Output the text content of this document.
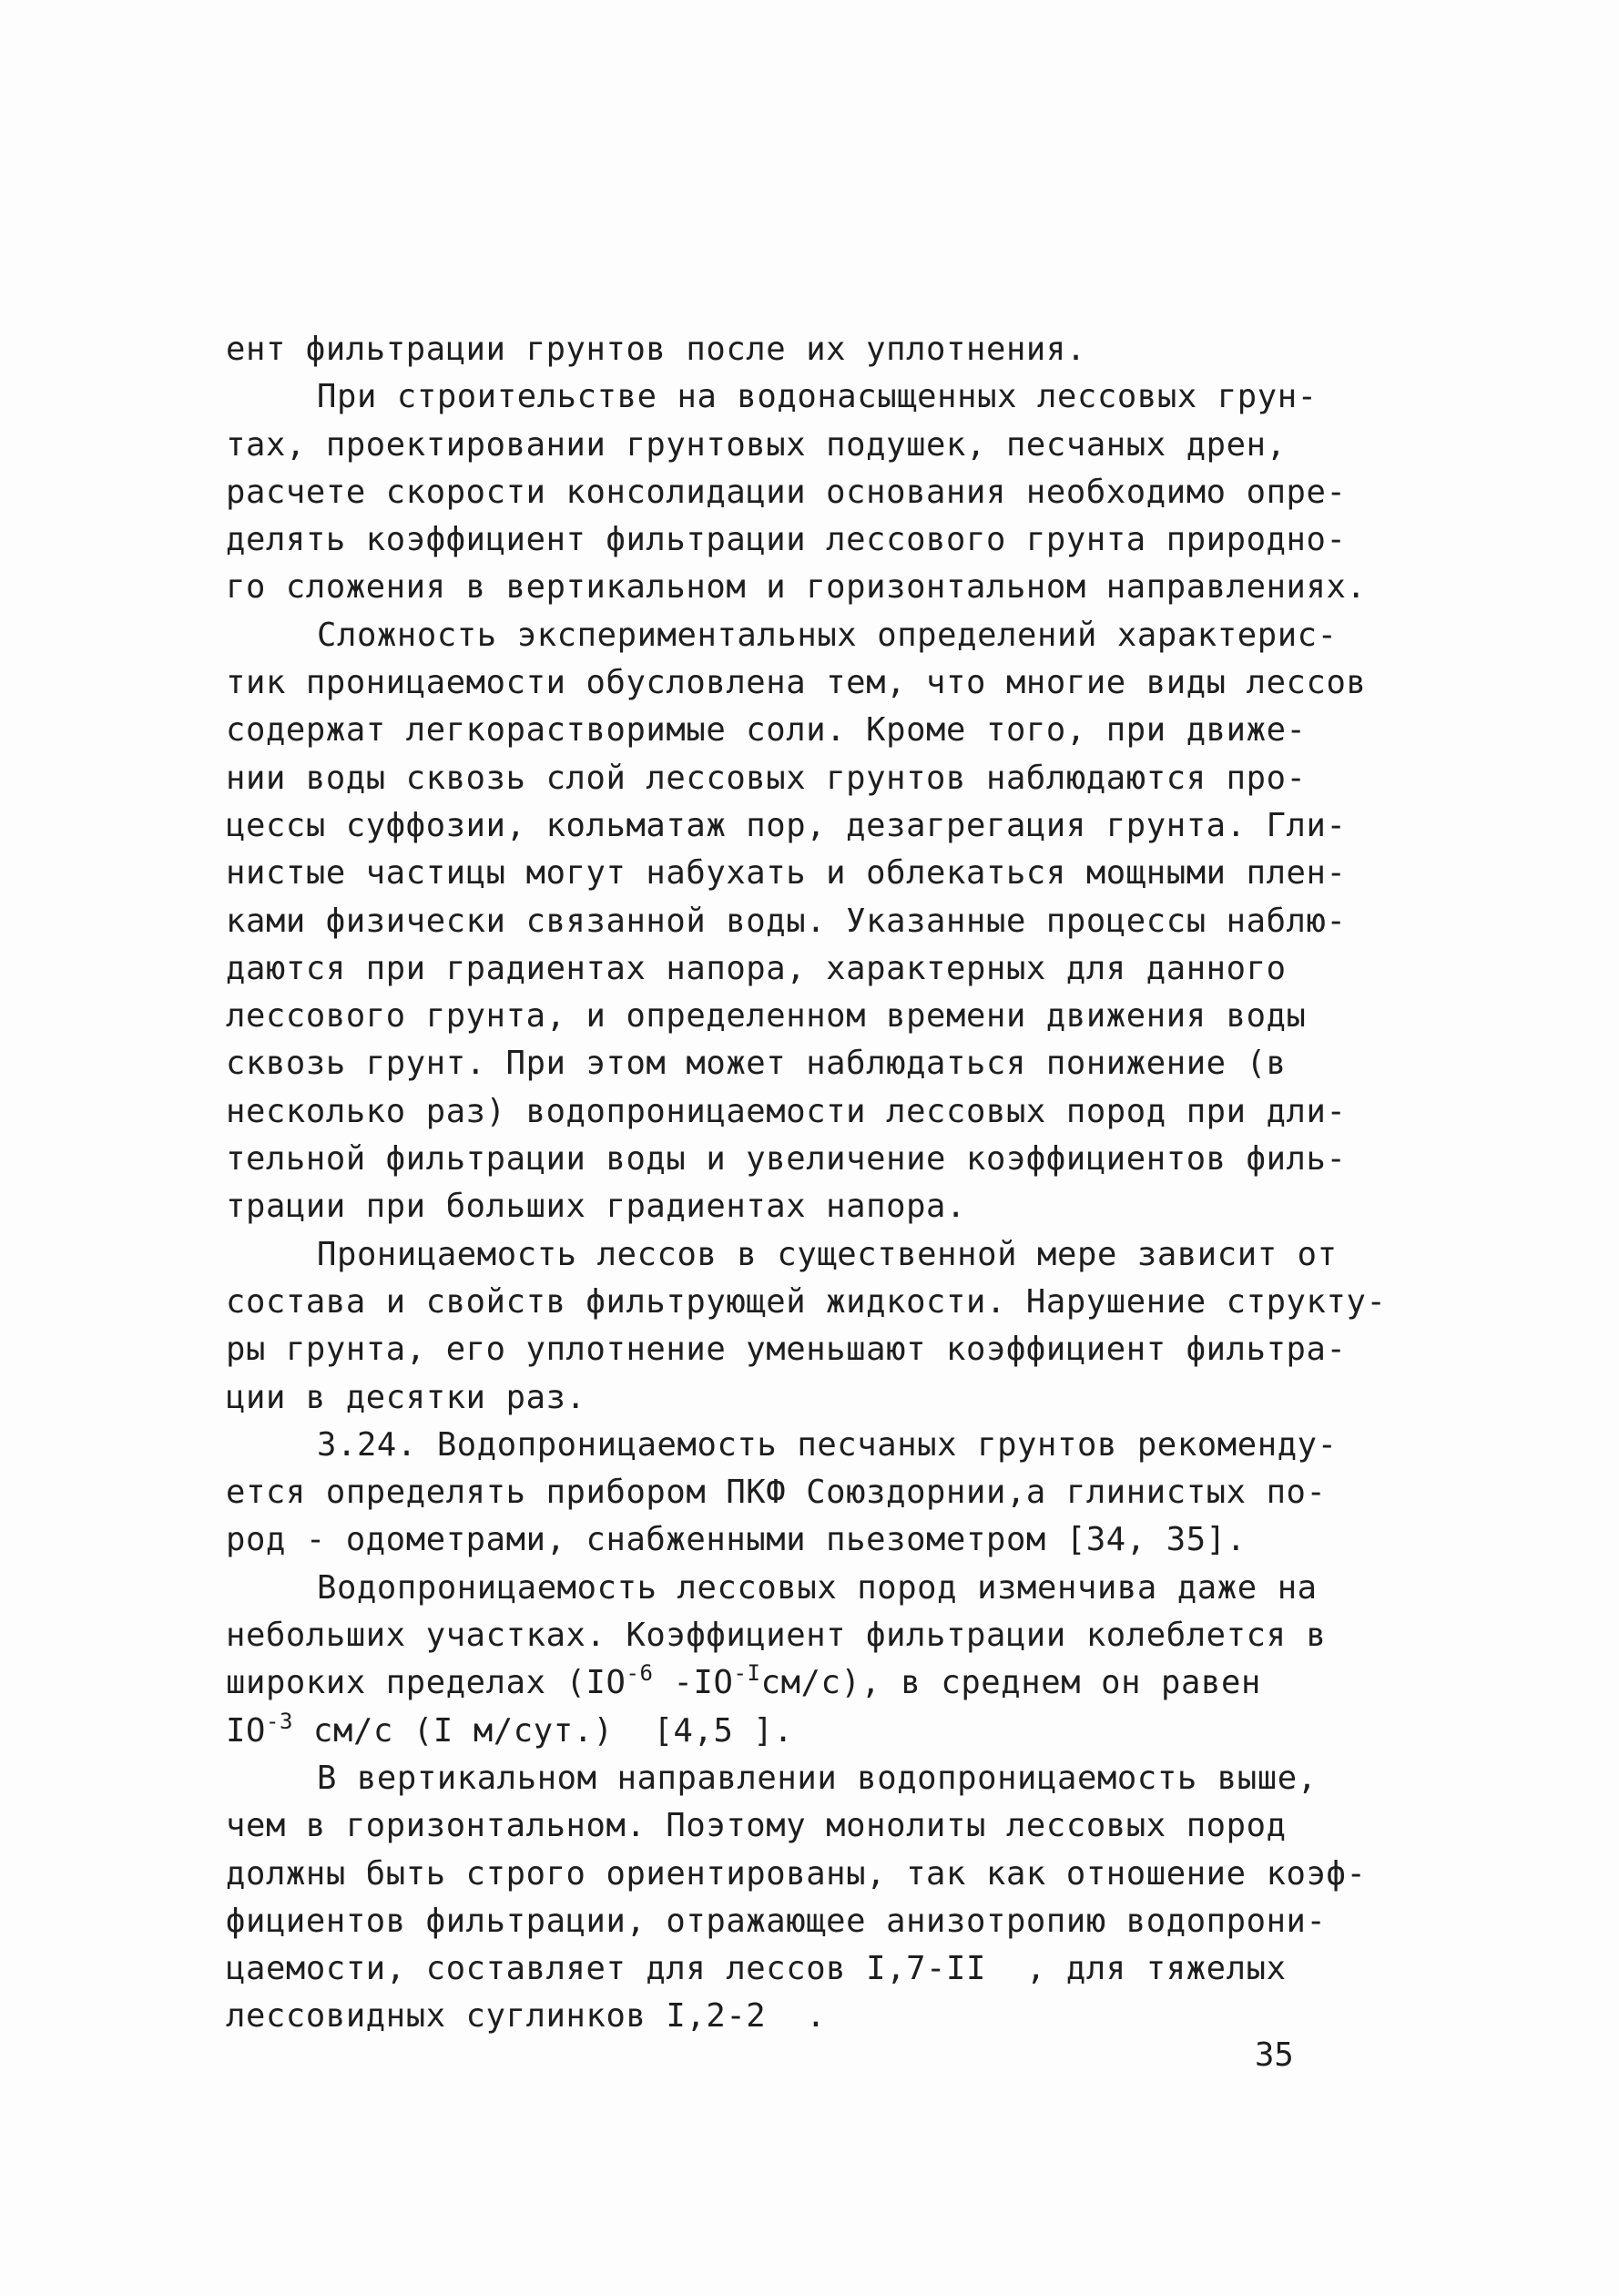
ент фильтрации грунтов после их уплотнения.
При строительстве на водонасыщенных лессовых грун-
тах, проектировании грунтовых подушек, песчаных дрен,
расчете скорости консолидации основания необходимо опре-
делять коэффициент фильтрации лессового грунта природно-
го сложения в вертикальном и горизонтальном направлениях.
Сложность экспериментальных определений характерис-
тик проницаемости обусловлена тем, что многие виды лессов
содержат легкорастворимые соли. Кроме того, при движе-
нии воды сквозь слой лессовых грунтов наблюдаются про-
цессы суффозии, кольматаж пор, дезагрегация грунта. Гли-
нистые частицы могут набухать и облекаться мощными плен-
ками физически связанной воды. Указанные процессы наблю-
даются при градиентах напора, характерных для данного
лессового грунта, и определенном времени движения воды
сквозь грунт. При этом может наблюдаться понижение (в
несколько раз) водопроницаемости лессовых пород при дли-
тельной фильтрации воды и увеличение коэффициентов филь-
трации при больших градиентах напора.
Проницаемость лессов в существенной мере зависит от
состава и свойств фильтрующей жидкости. Нарушение структу-
ры грунта, его уплотнение уменьшают коэффициент фильтра-
ции в десятки раз.
3.24. Водопроницаемость песчаных грунтов рекоменду-
ется определять прибором ПКФ Союздорнии,а глинистых по-
род - одометрами, снабженными пьезометром [34, 35].
Водопроницаемость лессовых пород изменчива даже на
небольших участках. Коэффициент фильтрации колеблется в
широких пределах ($IO^{-6}$ $-IO^{-I}см/с$), в среднем он равен
$IO^{-3}$ см/с (I м/сут.)  [4,5 ].
В вертикальном направлении водопроницаемость выше,
чем в горизонтальном. Поэтому монолиты лессовых пород
должны быть строго ориентированы, так как отношение коэф-
фициентов фильтрации, отражающее анизотропию водопрони-
цаемости, составляет для лессов I,7-II  , для тяжелых
лессовидных суглинков I,2-2  .
35
